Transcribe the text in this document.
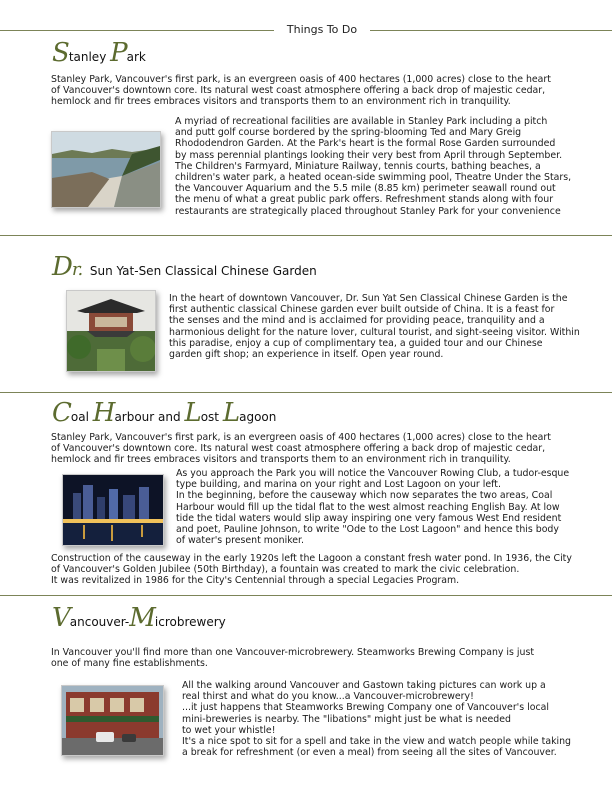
Things To Do
Stanley Park

Stanley Park, Vancouver's first park, is an evergreen oasis of 400 hectares (1,000 acres) close to the heart
of Vancouver's downtown core. Its natural west coast atmosphere offering a back drop of majestic cedar,
hemlock and fir trees embraces visitors and transports them to an environment rich in tranquility.

A myriad of recreational facilities are available in Stanley Park including a pitch
and putt golf course bordered by the spring-blooming Ted and Mary Greig
Rhododendron Garden. At the Park's heart is the formal Rose Garden surrounded
by mass perennial plantings looking their very best from April through September.
The Children's Farmyard, Miniature Railway, tennis courts, bathing beaches, a
children's water park, a heated ocean-side swimming pool, Theatre Under the Stars,
the Vancouver Aquarium and the 5.5 mile (8.85 km) perimeter seawall round out
the menu of what a great public park offers. Refreshment stands along with four
restaurants are strategically placed throughout Stanley Park for your convenience

Dr. Sun Yat-Sen Classical Chinese Garden

In the heart of downtown Vancouver, Dr. Sun Yat Sen Classical Chinese Garden is the
first authentic classical Chinese garden ever built outside of China. It is a feast for
the senses and the mind and is acclaimed for providing peace, tranquility and a
harmonious delight for the nature lover, cultural tourist, and sight-seeing visitor. Within
this paradise, enjoy a cup of complimentary tea, a guided tour and our Chinese
garden gift shop; an experience in itself. Open year round.

Coal Harbour and Lost Lagoon

Stanley Park, Vancouver's first park, is an evergreen oasis of 400 hectares (1,000 acres) close to the heart
of Vancouver's downtown core. Its natural west coast atmosphere offering a back drop of majestic cedar,
hemlock and fir trees embraces visitors and transports them to an environment rich in tranquility.

As you approach the Park you will notice the Vancouver Rowing Club, a tudor-esque
type building, and marina on your right and Lost Lagoon on your left.
In the beginning, before the causeway which now separates the two areas, Coal
Harbour would fill up the tidal flat to the west almost reaching English Bay. At low
tide the tidal waters would slip away inspiring one very famous West End resident
and poet, Pauline Johnson, to write "Ode to the Lost Lagoon" and hence this body
of water's present moniker.

Construction of the causeway in the early 1920s left the Lagoon a constant fresh water pond. In 1936, the City
of Vancouver's Golden Jubilee (50th Birthday), a fountain was created to mark the civic celebration.
It was revitalized in 1986 for the City's Centennial through a special Legacies Program.

Vancouver-Microbrewery

In Vancouver you'll find more than one Vancouver-microbrewery. Steamworks Brewing Company is just
one of many fine establishments.

All the walking around Vancouver and Gastown taking pictures can work up a
real thirst and what do you know...a Vancouver-microbrewery!
...it just happens that Steamworks Brewing Company one of Vancouver's local
mini-breweries is nearby. The "libations" might just be what is needed
to wet your whistle!
It's a nice spot to sit for a spell and take in the view and watch people while taking
a break for refreshment (or even a meal) from seeing all the sites of Vancouver.
